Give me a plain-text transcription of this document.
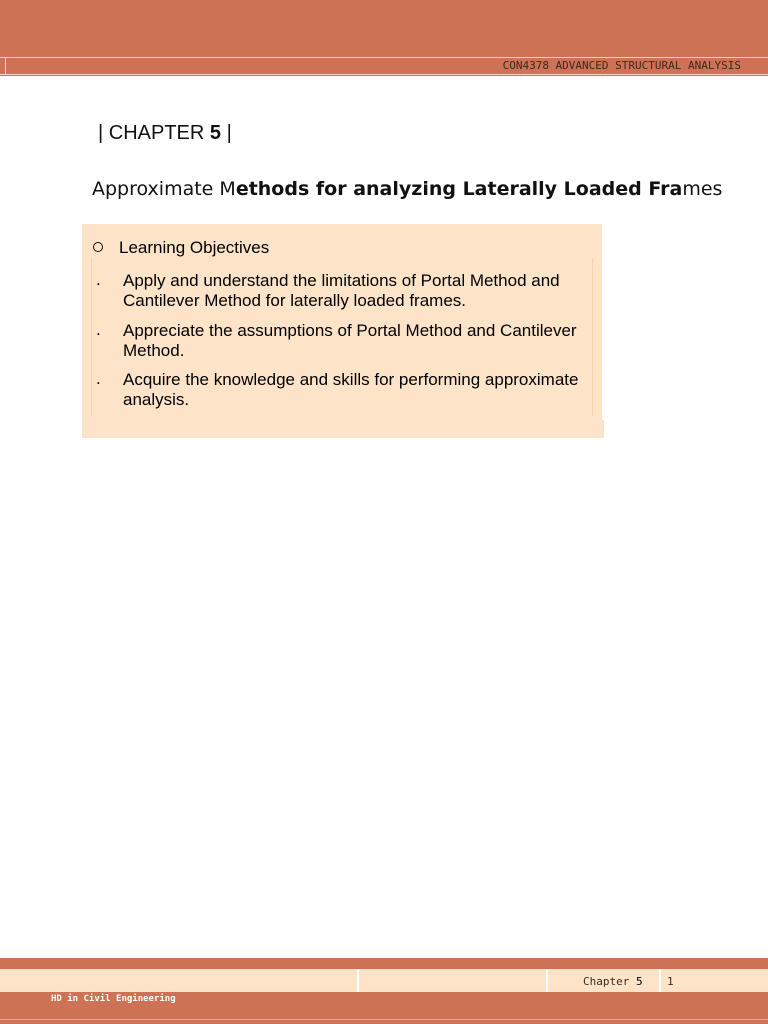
CON4378 ADVANCED STRUCTURAL ANALYSIS
| CHAPTER 5 |
Approximate Methods for analyzing Laterally Loaded Frames
Learning Objectives
. Apply and understand the limitations of Portal Method and Cantilever Method for laterally loaded frames.
. Appreciate the assumptions of Portal Method and Cantilever Method.
. Acquire the knowledge and skills for performing approximate analysis.
Chapter 5 1
HD in Civil Engineering
